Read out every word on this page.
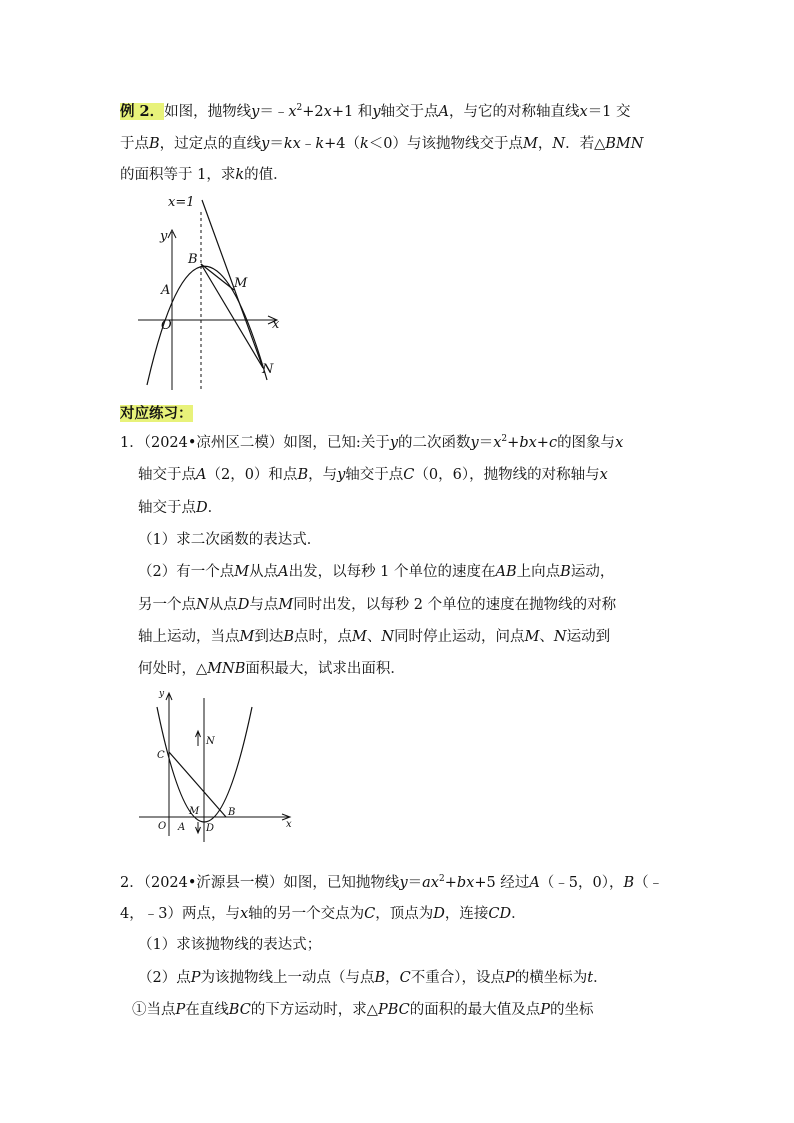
例 2．如图，抛物线$y=﹣x^2+2x+1$ 和y轴交于点A，与它的对称轴直线x＝1 交
于点B，过定点的直线y＝kx﹣k+4（k＜0）与该抛物线交于点M，N．若△BMN
的面积等于 1，求k的值．
x=1
y
x
B
A
O
M
N
对应练习：
1．（2024•凉州区二模）如图，已知:关于y的二次函数$y=x^2+bx+c$的图象与x
轴交于点A（2，0）和点B，与y轴交于点C（0，6），抛物线的对称轴与x
轴交于点D．
（1）求二次函数的表达式．
（2）有一个点M从点A出发，以每秒 1 个单位的速度在AB上向点B运动，
另一个点N从点D与点M同时出发，以每秒 2 个单位的速度在抛物线的对称
轴上运动，当点M到达B点时，点M、N同时停止运动，问点M、N运动到
何处时，△MNB面积最大，试求出面积．
y
x
C
N
M	B
O A D
2．（2024•沂源县一模）如图，已知抛物线$y=ax^2+bx+5$ 经过A（﹣5，0），B（﹣
4，﹣3）两点，与x轴的另一个交点为C，顶点为D，连接CD．
（1）求该抛物线的表达式；
（2）点P为该抛物线上一动点（与点B，C不重合），设点P的横坐标为t．
①当点P在直线BC的下方运动时，求△PBC的面积的最大值及点P的坐标
